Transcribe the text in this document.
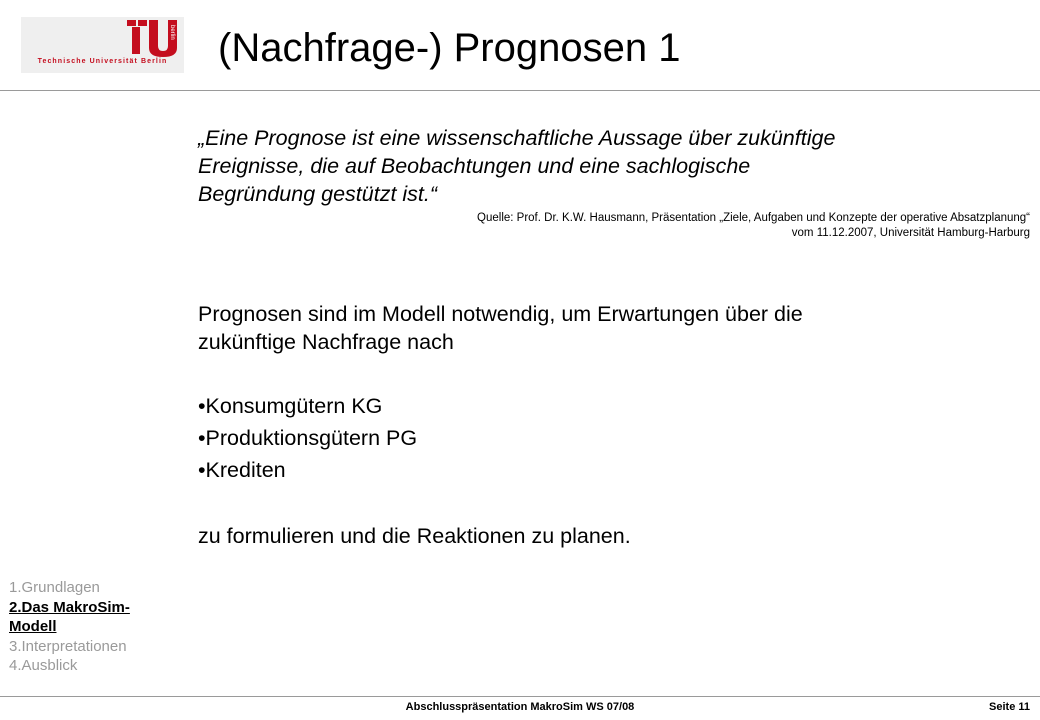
berlin
Technische Universität Berlin	(Nachfrage-) Prognosen 1
„Eine Prognose ist eine wissenschaftliche Aussage über zukünftige
Ereignisse, die auf Beobachtungen und eine sachlogische
Begründung gestützt ist.“
Quelle: Prof. Dr. K.W. Hausmann, Präsentation „Ziele, Aufgaben und Konzepte der operative Absatzplanung“
vom 11.12.2007, Universität Hamburg-Harburg
Prognosen sind im Modell notwendig, um Erwartungen über die
zukünftige Nachfrage nach
•Konsumgütern KG
•Produktionsgütern PG
•Krediten
zu formulieren und die Reaktionen zu planen.
1.Grundlagen
2.Das MakroSim-
Modell
3.Interpretationen
4.Ausblick
Abschlusspräsentation MakroSim WS 07/08	Seite 11
